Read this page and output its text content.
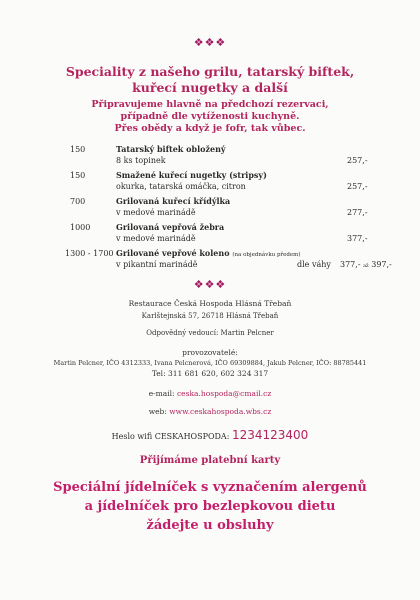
❖❖❖
Speciality z našeho grilu, tatarský biftek,
kuřecí nugetky a další
Připravujeme hlavně na předchozí rezervaci,
případně dle vytíženosti kuchyně.
Přes obědy a když je fofr, tak vůbec.
150	Tatarský biftek obložený
8 ks topinek	257,-
150	Smažené kuřecí nugetky (stripsy)
okurka, tatarská omáčka, citron	257,-
700	Grilovaná kuřecí křídýlka
v medové marinádě	277,-
1000	Grilovaná vepřová žebra
v medové marinádě	377,-
1300 - 1700 Grilované vepřové koleno (na objednávku předem)
v pikantní marinádě	dle váhy 377,- až 397,-
❖❖❖
Restaurace Česká Hospoda Hlásná Třebaň
Karlštejnská 57, 26718 Hlásná Třebaň
Odpovědný vedoucí: Martin Pelcner
provozovatelé:
Martin Pelcner, IČO 4312333, Ivana Pelcnerová, IČO 69309884, Jakub Pelcner, IČO: 88785441
Tel: 311 681 620, 602 324 317
e-mail: ceska.hospoda@cmail.cz
web: www.ceskahospoda.wbs.cz
Heslo wifi CESKAHOSPODA: 1234123400
Přijímáme platební karty
Speciální jídelníček s vyznačením alergenů
a jídelníček pro bezlepkovou dietu
žádejte u obsluhy
